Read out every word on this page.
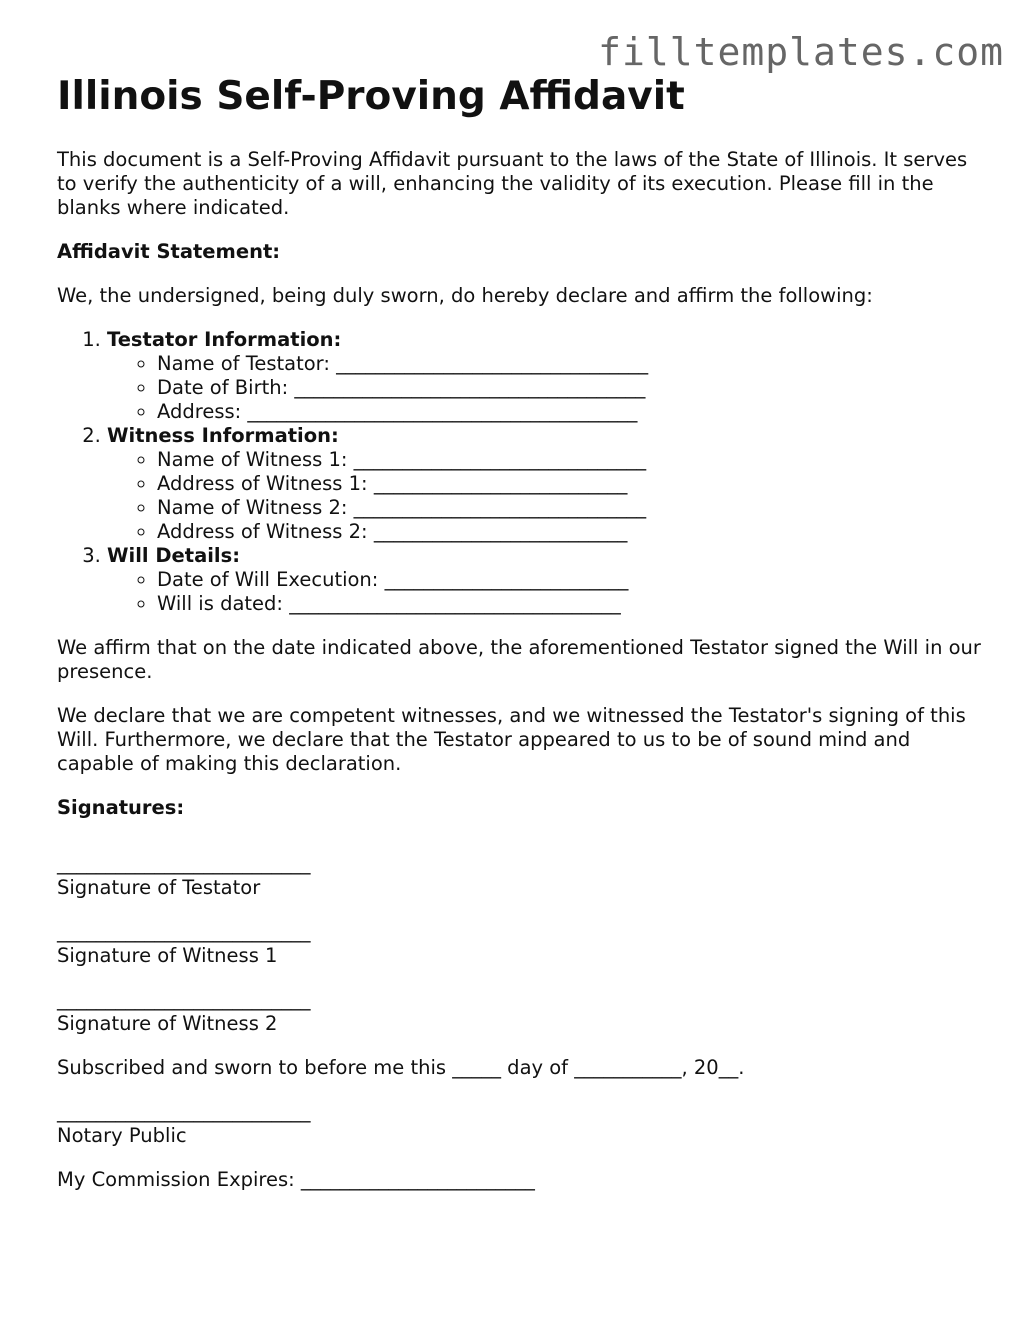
filltemplates.com
Illinois Self-Proving Affidavit

This document is a Self-Proving Affidavit pursuant to the laws of the State of Illinois. It serves to verify the authenticity of a will, enhancing the validity of its execution. Please fill in the blanks where indicated.

Affidavit Statement:

We, the undersigned, being duly sworn, do hereby declare and affirm the following:

1. Testator Information:
◦ Name of Testator: ________________________________
◦ Date of Birth: ____________________________________
◦ Address: ________________________________________
2. Witness Information:
◦ Name of Witness 1: ______________________________
◦ Address of Witness 1: __________________________
◦ Name of Witness 2: ______________________________
◦ Address of Witness 2: __________________________
3. Will Details:
◦ Date of Will Execution: _________________________
◦ Will is dated: __________________________________

We affirm that on the date indicated above, the aforementioned Testator signed the Will in our presence.

We declare that we are competent witnesses, and we witnessed the Testator's signing of this Will. Furthermore, we declare that the Testator appeared to us to be of sound mind and capable of making this declaration.

Signatures:

__________________________
Signature of Testator
__________________________
Signature of Witness 1
__________________________
Signature of Witness 2

Subscribed and sworn to before me this _____ day of ___________, 20__.

__________________________
Notary Public

My Commission Expires: ________________________
